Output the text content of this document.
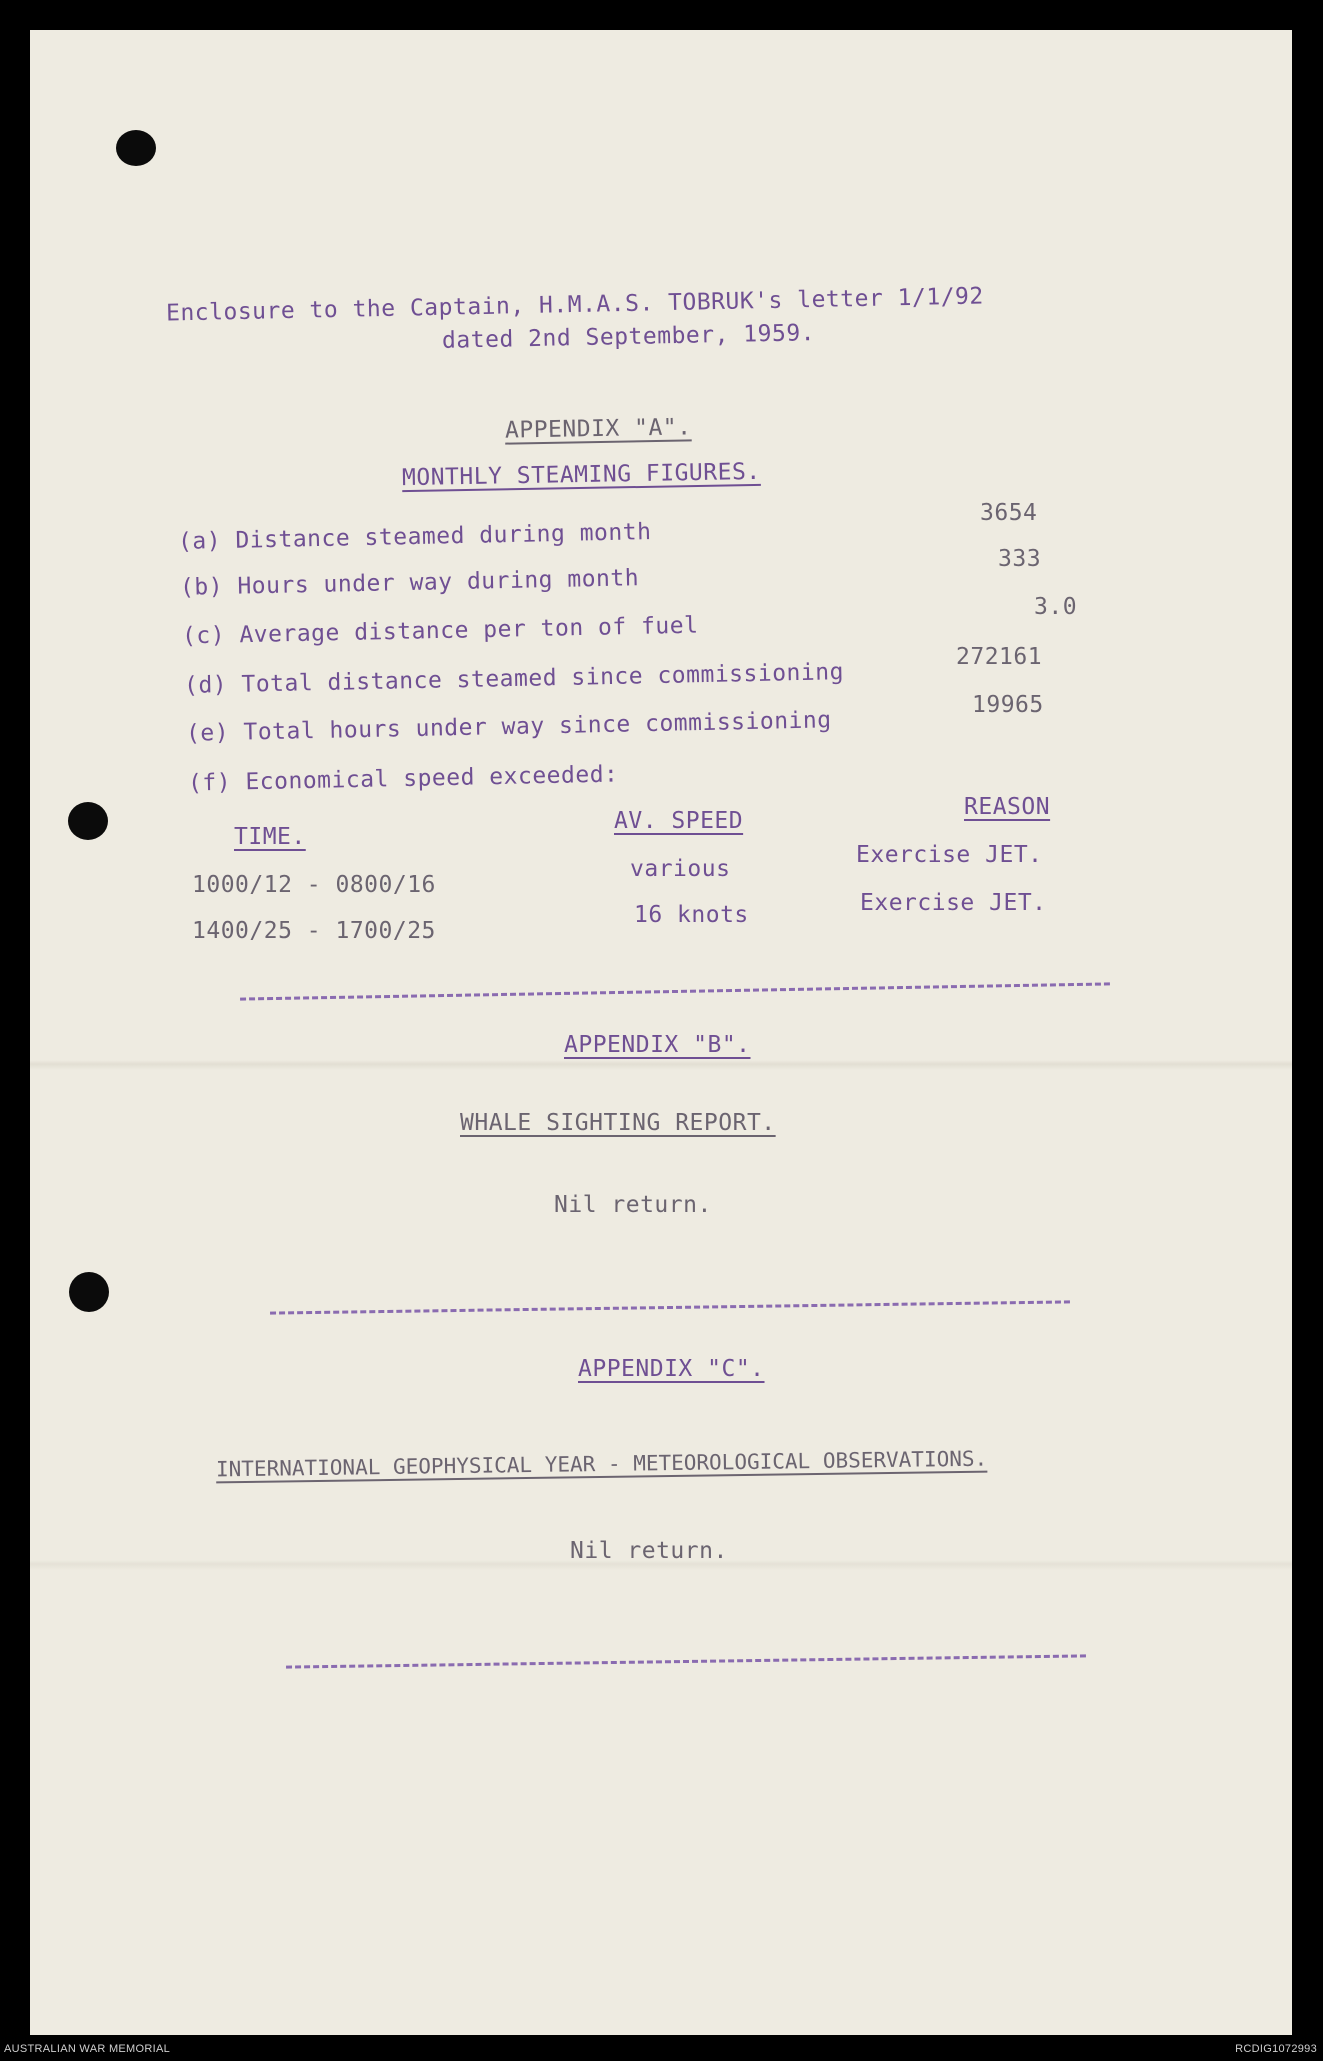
Enclosure to the Captain, H.M.A.S. TOBRUK's letter 1/1/92
dated 2nd September, 1959.
APPENDIX "A".
MONTHLY STEAMING FIGURES.
(a) Distance steamed during month
3654
(b) Hours under way during month
333
(c) Average distance per ton of fuel
3.0
(d) Total distance steamed since commissioning
272161
(e) Total hours under way since commissioning
19965
(f) Economical speed exceeded:
TIME.
AV. SPEED
REASON
1000/12 - 0800/16
various
Exercise JET.
1400/25 - 1700/25
16 knots	Exercise JET.
APPENDIX "B".
WHALE SIGHTING REPORT.
Nil return.
APPENDIX "C".
INTERNATIONAL GEOPHYSICAL YEAR - METEOROLOGICAL OBSERVATIONS.
Nil return.
AUSTRALIAN WAR MEMORIAL	RCDIG1072993
